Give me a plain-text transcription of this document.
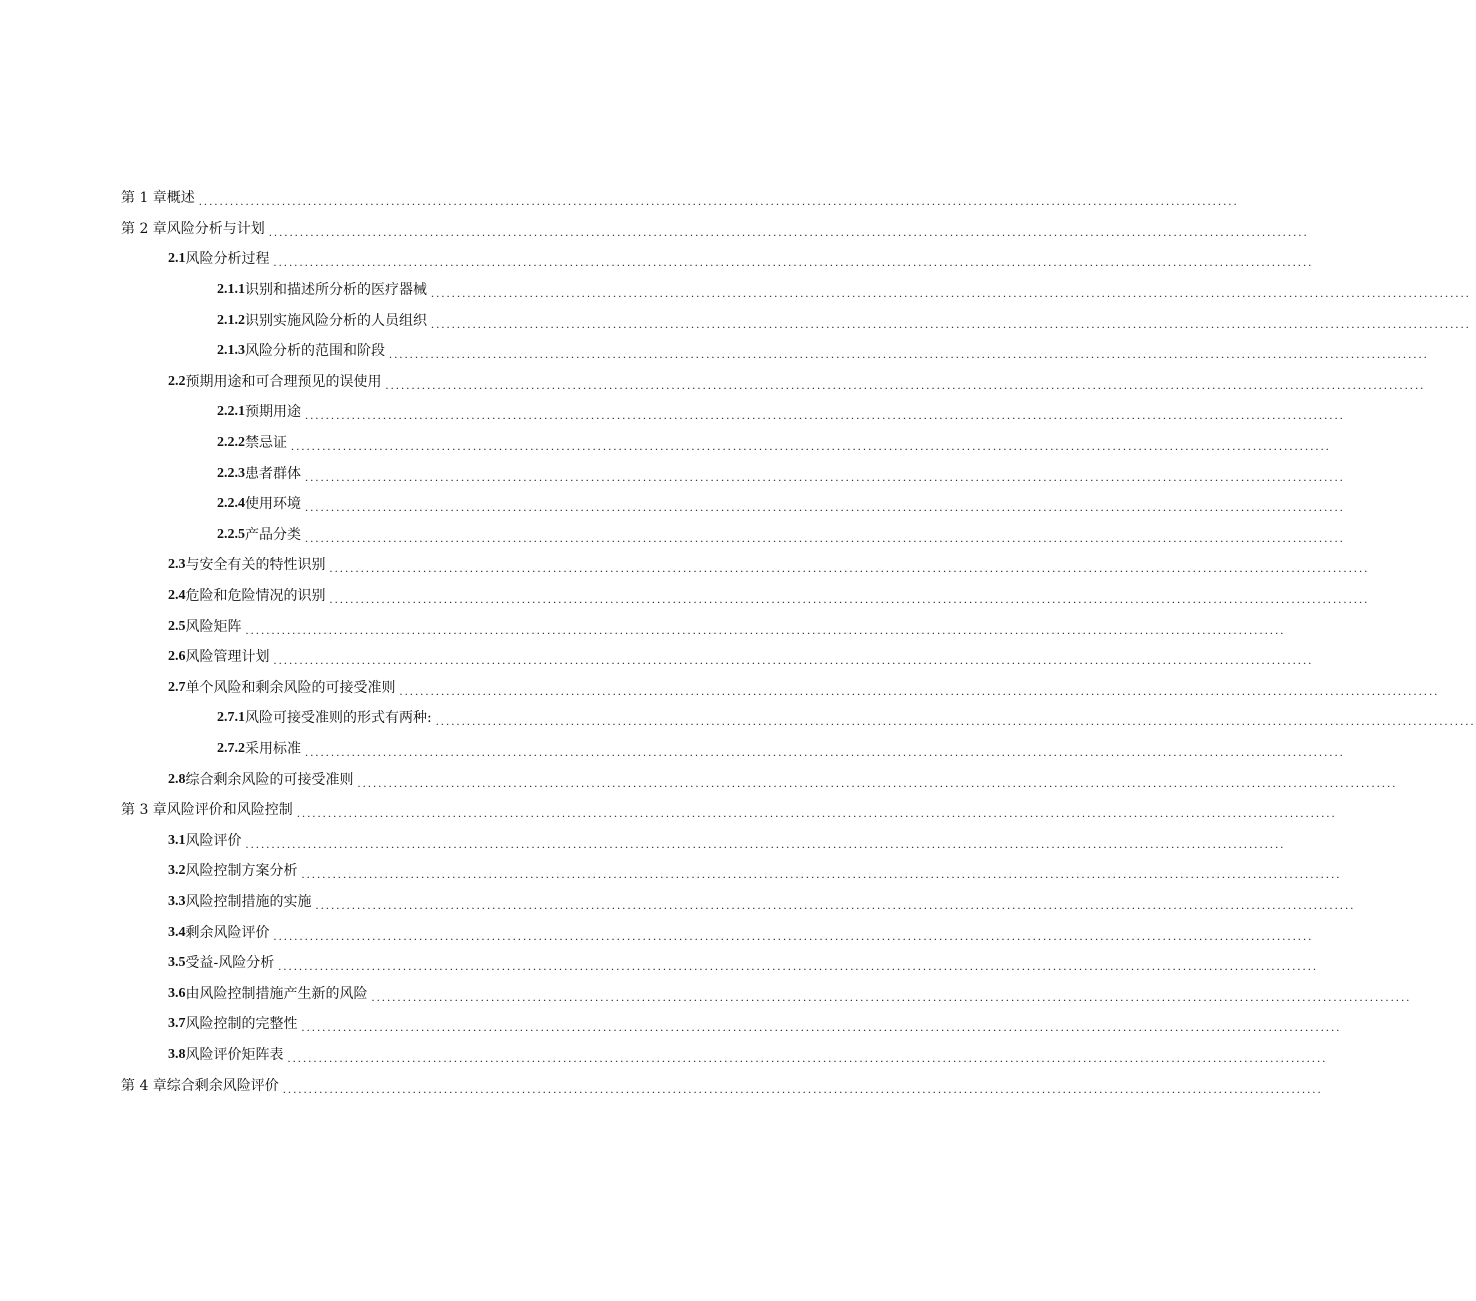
第 1 章概述 ........................................................................................................................................................................................................
第 2 章风险分析与计划 ........................................................................................................................................................................................................
2.1 风险分析过程 ........................................................................................................................................................................................................
2.1.1 识别和描述所分析的医疗器械 ........................................................................................................................................................................................................
2.1.2 识别实施风险分析的人员组织 ........................................................................................................................................................................................................
2.1.3 风险分析的范围和阶段 ........................................................................................................................................................................................................
2.2 预期用途和可合理预见的误使用 ........................................................................................................................................................................................................
2.2.1 预期用途 ........................................................................................................................................................................................................
2.2.2 禁忌证 ........................................................................................................................................................................................................
2.2.3 患者群体 ........................................................................................................................................................................................................
2.2.4 使用环境 ........................................................................................................................................................................................................
2.2.5 产品分类 ........................................................................................................................................................................................................
2.3 与安全有关的特性识别 ........................................................................................................................................................................................................
2.4 危险和危险情况的识别 ........................................................................................................................................................................................................
2.5 风险矩阵 ........................................................................................................................................................................................................
2.6 风险管理计划 ........................................................................................................................................................................................................
2.7 单个风险和剩余风险的可接受准则 ........................................................................................................................................................................................................
2.7.1 风险可接受准则的形式有两种: ........................................................................................................................................................................................................
2.7.2 采用标准 ........................................................................................................................................................................................................
2.8 综合剩余风险的可接受准则 ........................................................................................................................................................................................................
第 3 章风险评价和风险控制 ........................................................................................................................................................................................................
3.1 风险评价 ........................................................................................................................................................................................................
3.2 风险控制方案分析 ........................................................................................................................................................................................................
3.3 风险控制措施的实施 ........................................................................................................................................................................................................
3.4 剩余风险评价 ........................................................................................................................................................................................................
3.5 受益-风险分析 ........................................................................................................................................................................................................
3.6 由风险控制措施产生新的风险 ........................................................................................................................................................................................................
3.7 风险控制的完整性 ........................................................................................................................................................................................................
3.8 风险评价矩阵表 ........................................................................................................................................................................................................
第 4 章综合剩余风险评价 ........................................................................................................................................................................................................
